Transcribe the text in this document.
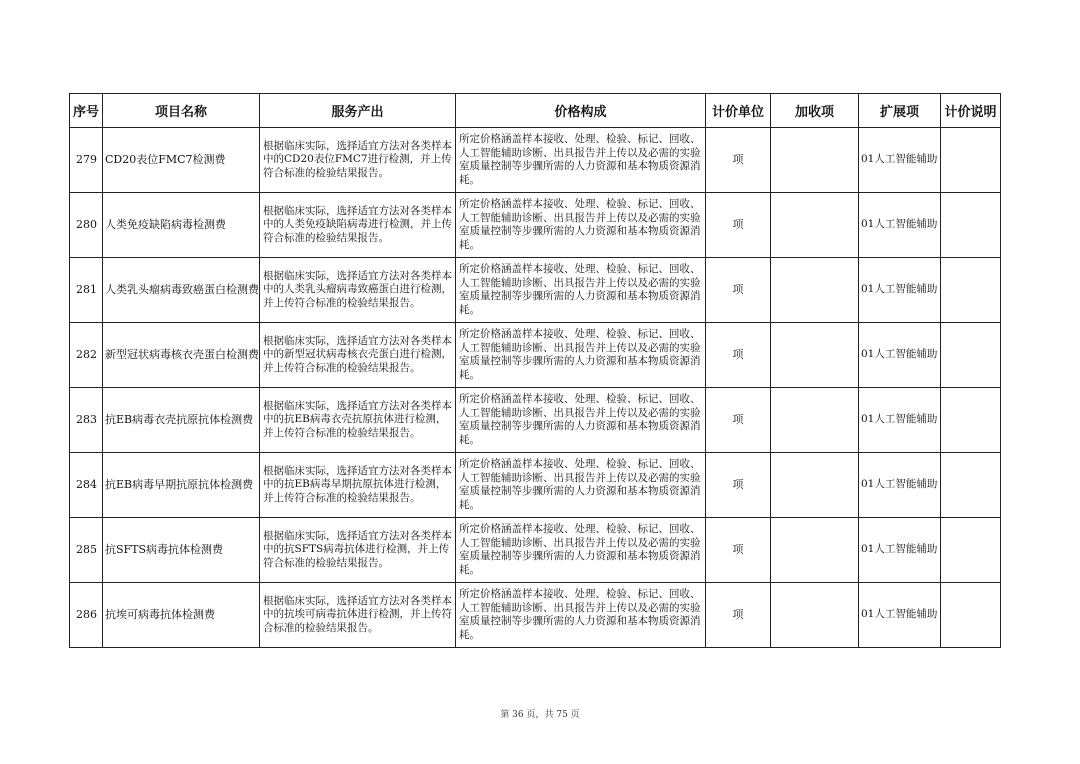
序号	项目名称	服务产出	价格构成	计价单位	加收项	扩展项	计价说明
279	CD20表位FMC7检测费	根据临床实际，选择适宜方法对各类样本中的CD20表位FMC7进行检测，并上传符合标准的检验结果报告。	所定价格涵盖样本接收、处理、检验、标记、回收、人工智能辅助诊断、出具报告并上传以及必需的实验室质量控制等步骤所需的人力资源和基本物质资源消耗。	项		01人工智能辅助	
280	人类免疫缺陷病毒检测费	根据临床实际，选择适宜方法对各类样本中的人类免疫缺陷病毒进行检测，并上传符合标准的检验结果报告。	所定价格涵盖样本接收、处理、检验、标记、回收、人工智能辅助诊断、出具报告并上传以及必需的实验室质量控制等步骤所需的人力资源和基本物质资源消耗。	项		01人工智能辅助	
281	人类乳头瘤病毒致癌蛋白检测费	根据临床实际，选择适宜方法对各类样本中的人类乳头瘤病毒致癌蛋白进行检测，并上传符合标准的检验结果报告。	所定价格涵盖样本接收、处理、检验、标记、回收、人工智能辅助诊断、出具报告并上传以及必需的实验室质量控制等步骤所需的人力资源和基本物质资源消耗。	项		01人工智能辅助	
282	新型冠状病毒核衣壳蛋白检测费	根据临床实际，选择适宜方法对各类样本中的新型冠状病毒核衣壳蛋白进行检测，并上传符合标准的检验结果报告。	所定价格涵盖样本接收、处理、检验、标记、回收、人工智能辅助诊断、出具报告并上传以及必需的实验室质量控制等步骤所需的人力资源和基本物质资源消耗。	项		01人工智能辅助	
283	抗EB病毒衣壳抗原抗体检测费	根据临床实际，选择适宜方法对各类样本中的抗EB病毒衣壳抗原抗体进行检测，并上传符合标准的检验结果报告。	所定价格涵盖样本接收、处理、检验、标记、回收、人工智能辅助诊断、出具报告并上传以及必需的实验室质量控制等步骤所需的人力资源和基本物质资源消耗。	项		01人工智能辅助	
284	抗EB病毒早期抗原抗体检测费	根据临床实际，选择适宜方法对各类样本中的抗EB病毒早期抗原抗体进行检测，并上传符合标准的检验结果报告。	所定价格涵盖样本接收、处理、检验、标记、回收、人工智能辅助诊断、出具报告并上传以及必需的实验室质量控制等步骤所需的人力资源和基本物质资源消耗。	项		01人工智能辅助	
285	抗SFTS病毒抗体检测费	根据临床实际，选择适宜方法对各类样本中的抗SFTS病毒抗体进行检测，并上传符合标准的检验结果报告。	所定价格涵盖样本接收、处理、检验、标记、回收、人工智能辅助诊断、出具报告并上传以及必需的实验室质量控制等步骤所需的人力资源和基本物质资源消耗。	项		01人工智能辅助	
286	抗埃可病毒抗体检测费	根据临床实际，选择适宜方法对各类样本中的抗埃可病毒抗体进行检测，并上传符合标准的检验结果报告。	所定价格涵盖样本接收、处理、检验、标记、回收、人工智能辅助诊断、出具报告并上传以及必需的实验室质量控制等步骤所需的人力资源和基本物质资源消耗。	项		01人工智能辅助	
第 36 页，共 75 页
